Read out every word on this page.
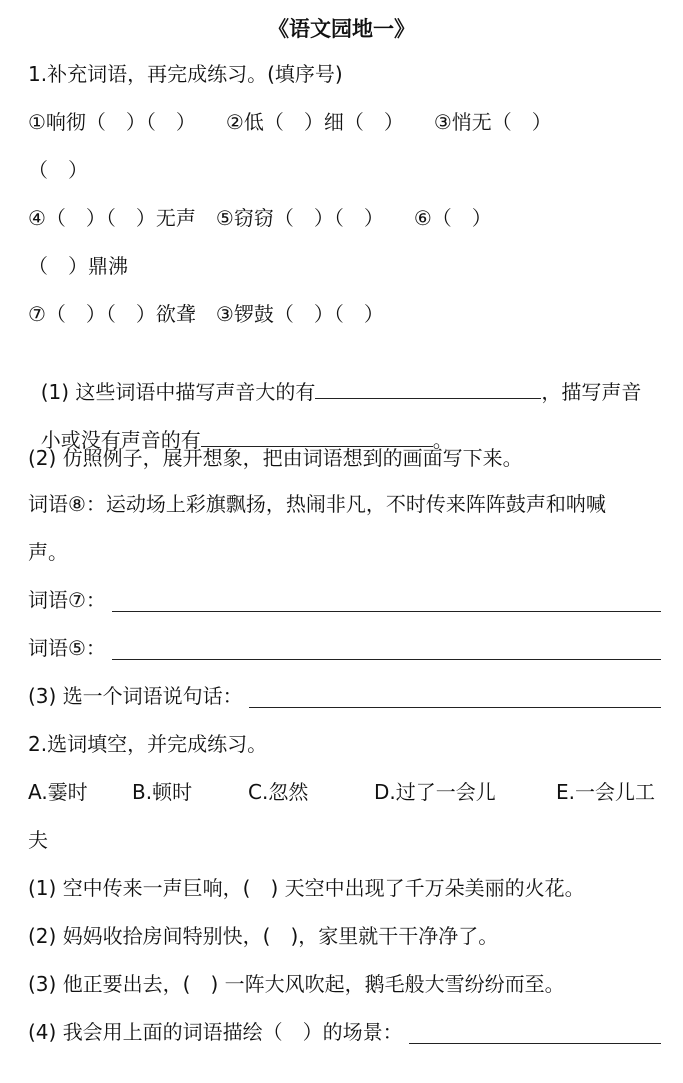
《语文园地一》
1.补充词语，再完成练习。(填序号)
①响彻（　）（　）　　②低（　）细（　）　　③悄无（　）
（　）
④（　）（　）无声　⑤窃窃（　）（　）　　⑥（　）
（　）鼎沸
⑦（　）（　）欲聋　③锣鼓（　）（　）

(1) 这些词语中描写声音大的有	，描写声音

小或没有声音的有	。

(2) 仿照例子，展开想象，把由词语想到的画面写下来。
词语⑧：运动场上彩旗飘扬，热闹非凡，不时传来阵阵鼓声和呐喊
声。
词语⑦：
词语⑤：
(3) 选一个词语说句话：
2.选词填空，并完成练习。

A.霎时

B.顿时

	C.忽然

	D.过了一会儿

	E.一会儿工

夫
(1) 空中传来一声巨响，(　) 天空中出现了千万朵美丽的火花。
(2) 妈妈收拾房间特别快，(　)，家里就干干净净了。
(3) 他正要出去，(　) 一阵大风吹起，鹅毛般大雪纷纷而至。
(4) 我会用上面的词语描绘（　）的场景：
